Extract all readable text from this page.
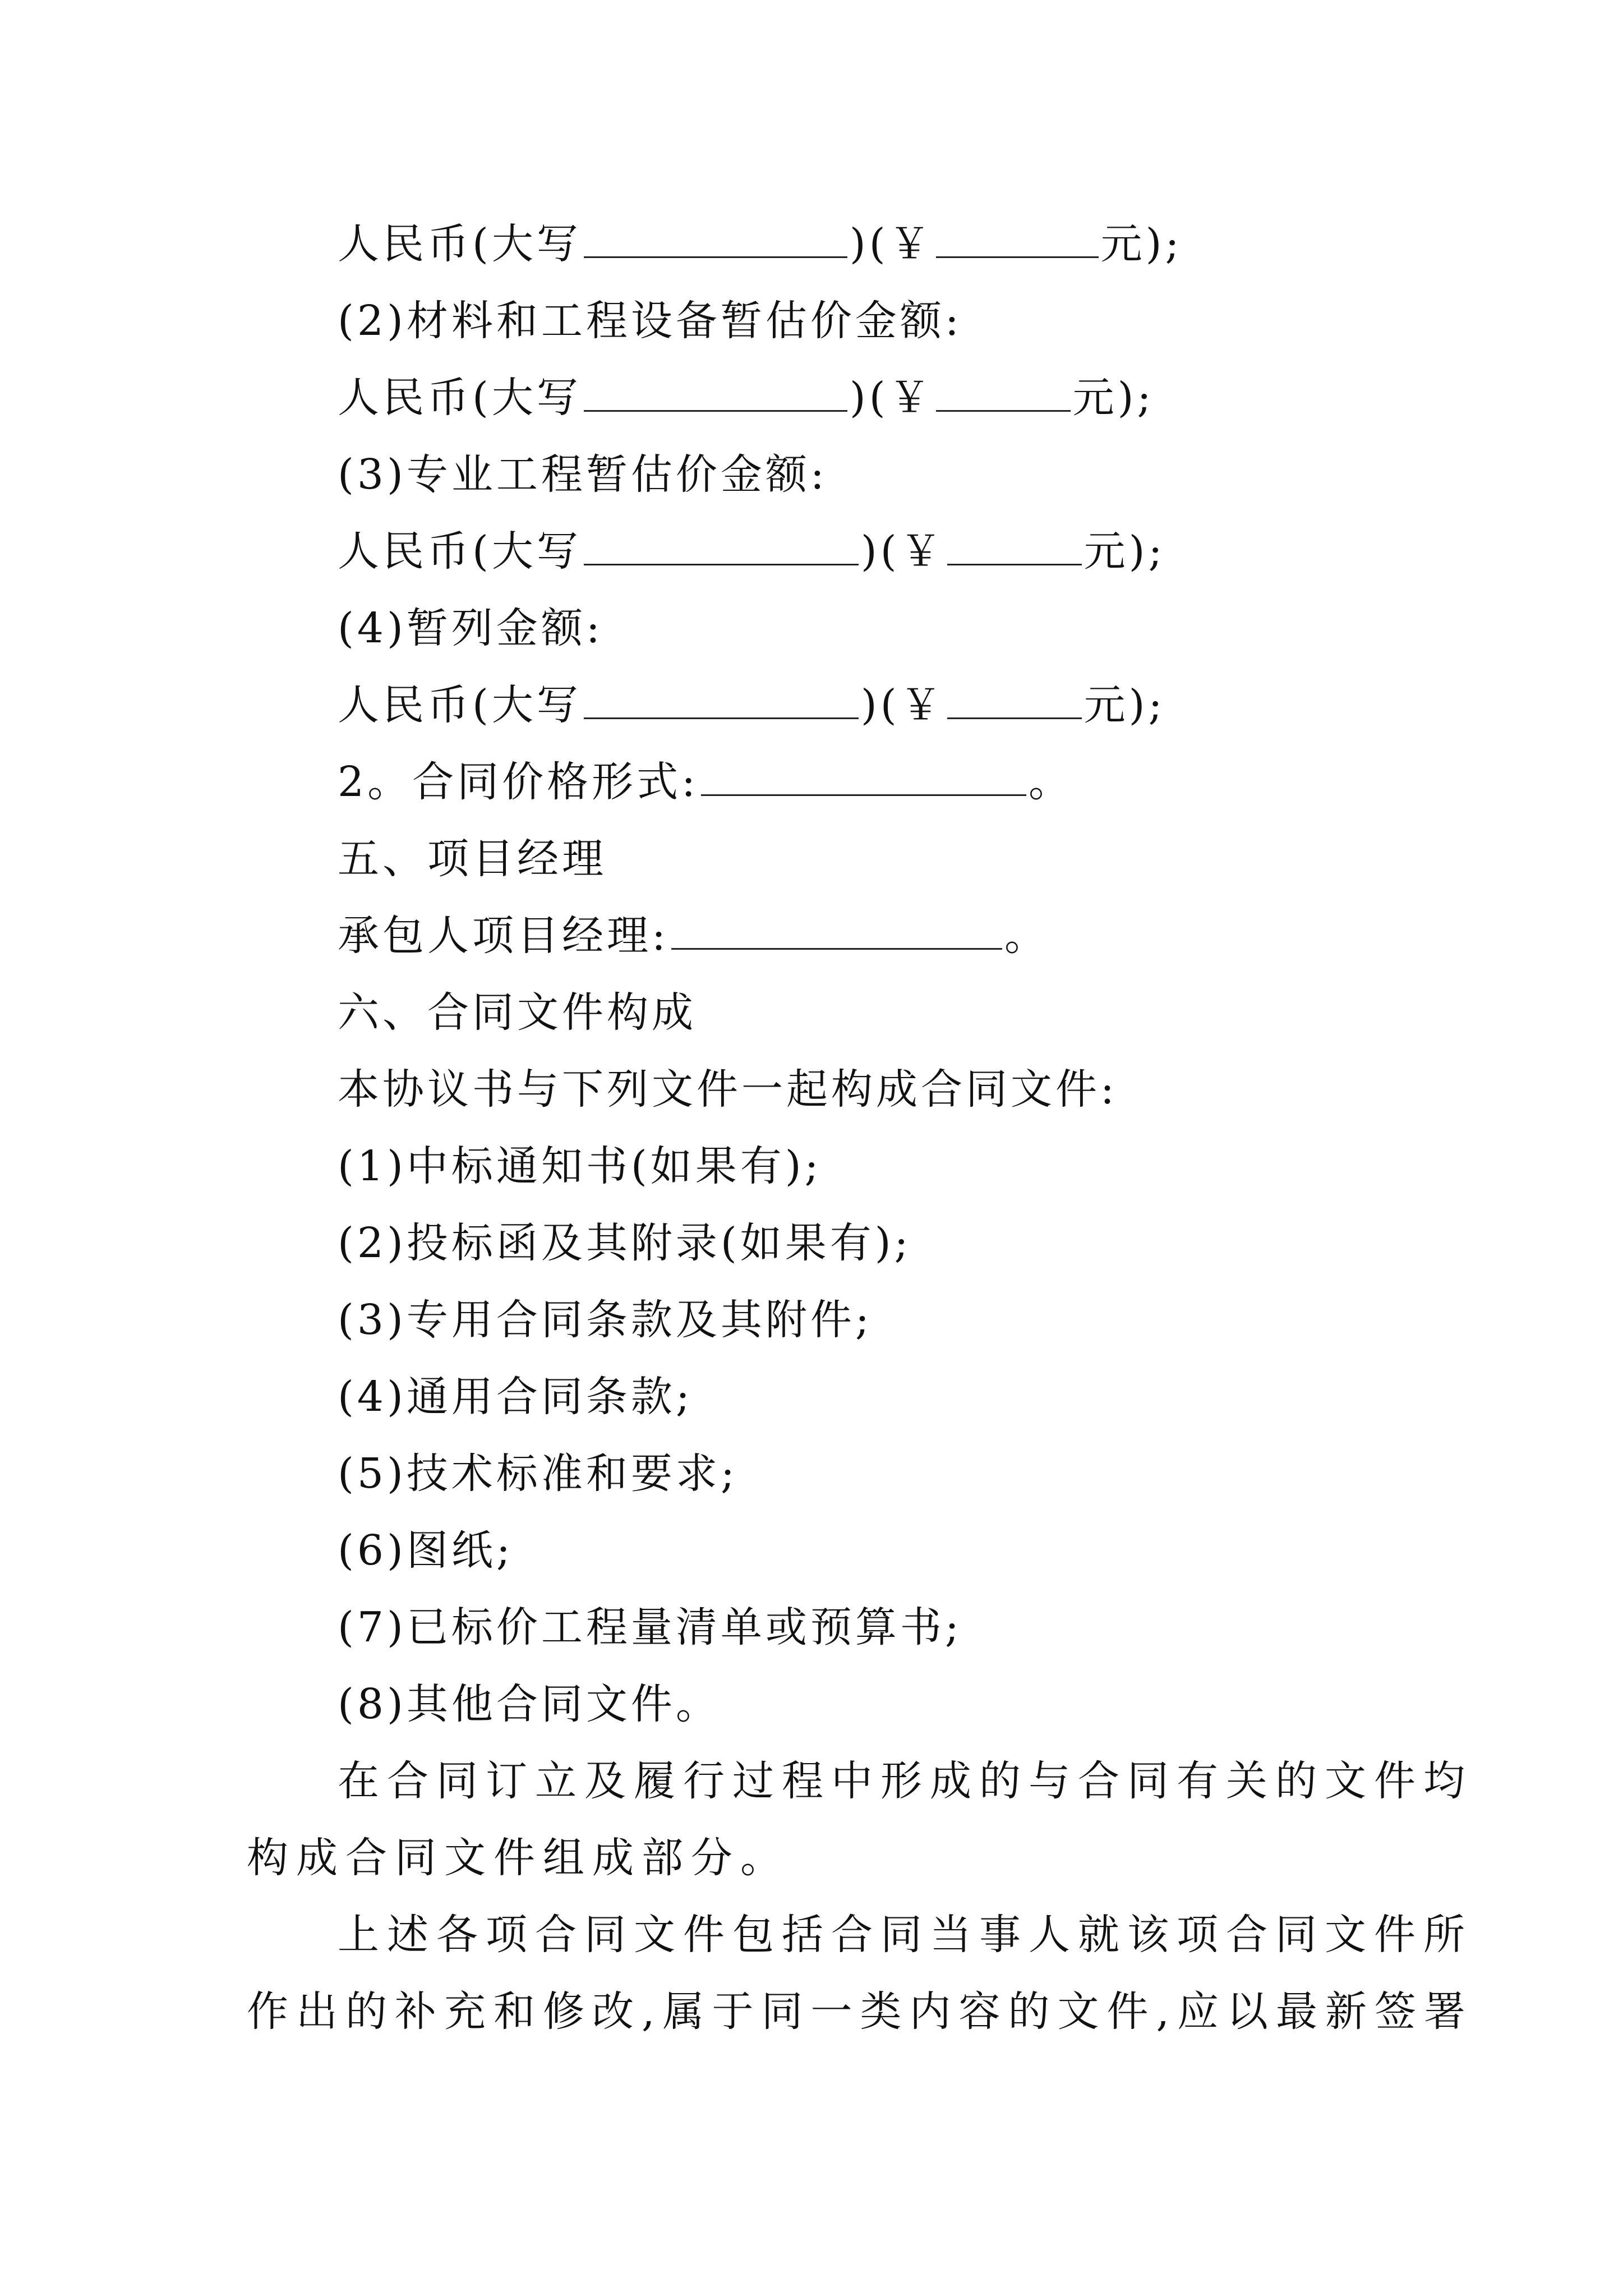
人民币(大写	)(￥	元);
(2)材料和工程设备暂估价金额:
人民币(大写	)(￥	元);
(3)专业工程暂估价金额:
人民币(大写	)(￥	元);
(4)暂列金额:
人民币(大写	)(￥	元);
2。合同价格形式:	。
五、项目经理
承包人项目经理:	。
六、合同文件构成
本协议书与下列文件一起构成合同文件:
(1)中标通知书(如果有);
(2)投标函及其附录(如果有);
(3)专用合同条款及其附件;
(4)通用合同条款;
(5)技术标准和要求;
(6)图纸;
(7)已标价工程量清单或预算书;
(8)其他合同文件。
在合同订立及履行过程中形成的与合同有关的文件均
构成合同文件组成部分。
上述各项合同文件包括合同当事人就该项合同文件所
作出的补充和修改,属于同一类内容的文件,应以最新签署
